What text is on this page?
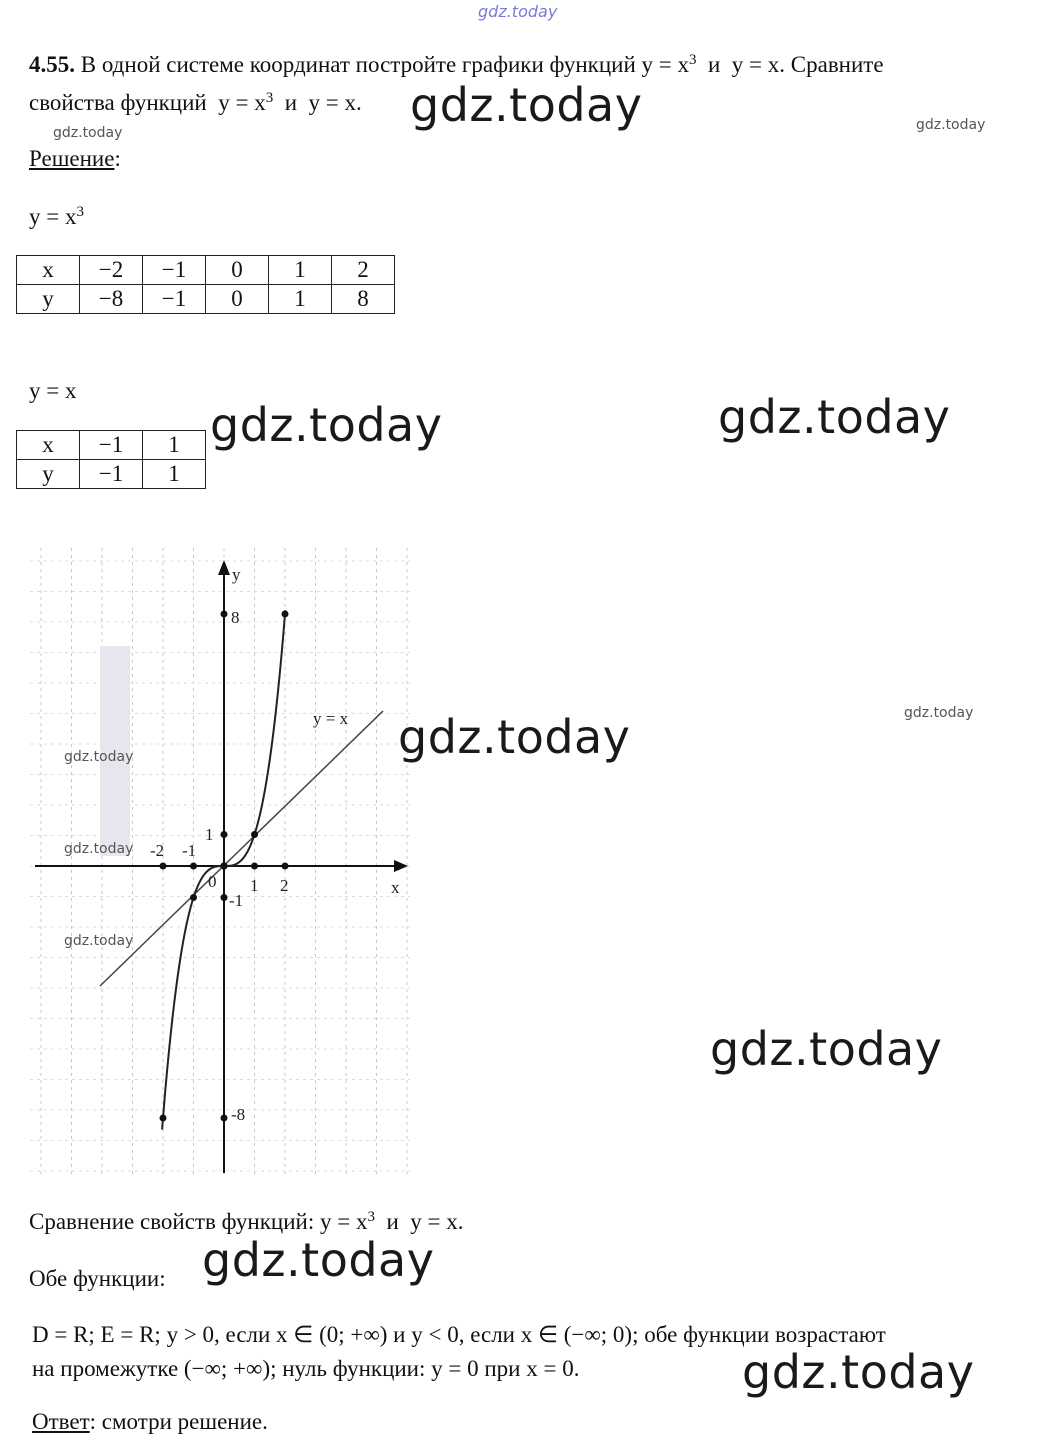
gdz.today
4.55. В одной системе координат постройте графики функций $y = x^3$ и y = x. Сравните
свойства функций $y = x^3$ и y = x. gdz.today
gdz.today	gdz.today
Решение:
$y = x^3$
x	−2	−1	0	1	2
y	−8	−1	0	1	8
y = x
x	−1	1
y	−1	1
gdz.today	gdz.today
y
x
y = x
-2 -1
0 1 2
8
1
-1
-8
gdz.today	gdz.today
gdz.today
gdz.today
gdz.today
gdz.today
Сравнение свойств функций: $y = x^3$ и y = x.
Обе функции: gdz.today
D = R; E = R; y > 0, если x ∈ (0; +∞) и y < 0, если x ∈ (−∞; 0); обе функции возрастают
на промежутке (−∞; +∞); нуль функции: y = 0 при x = 0.	gdz.today
Ответ: смотри решение.
